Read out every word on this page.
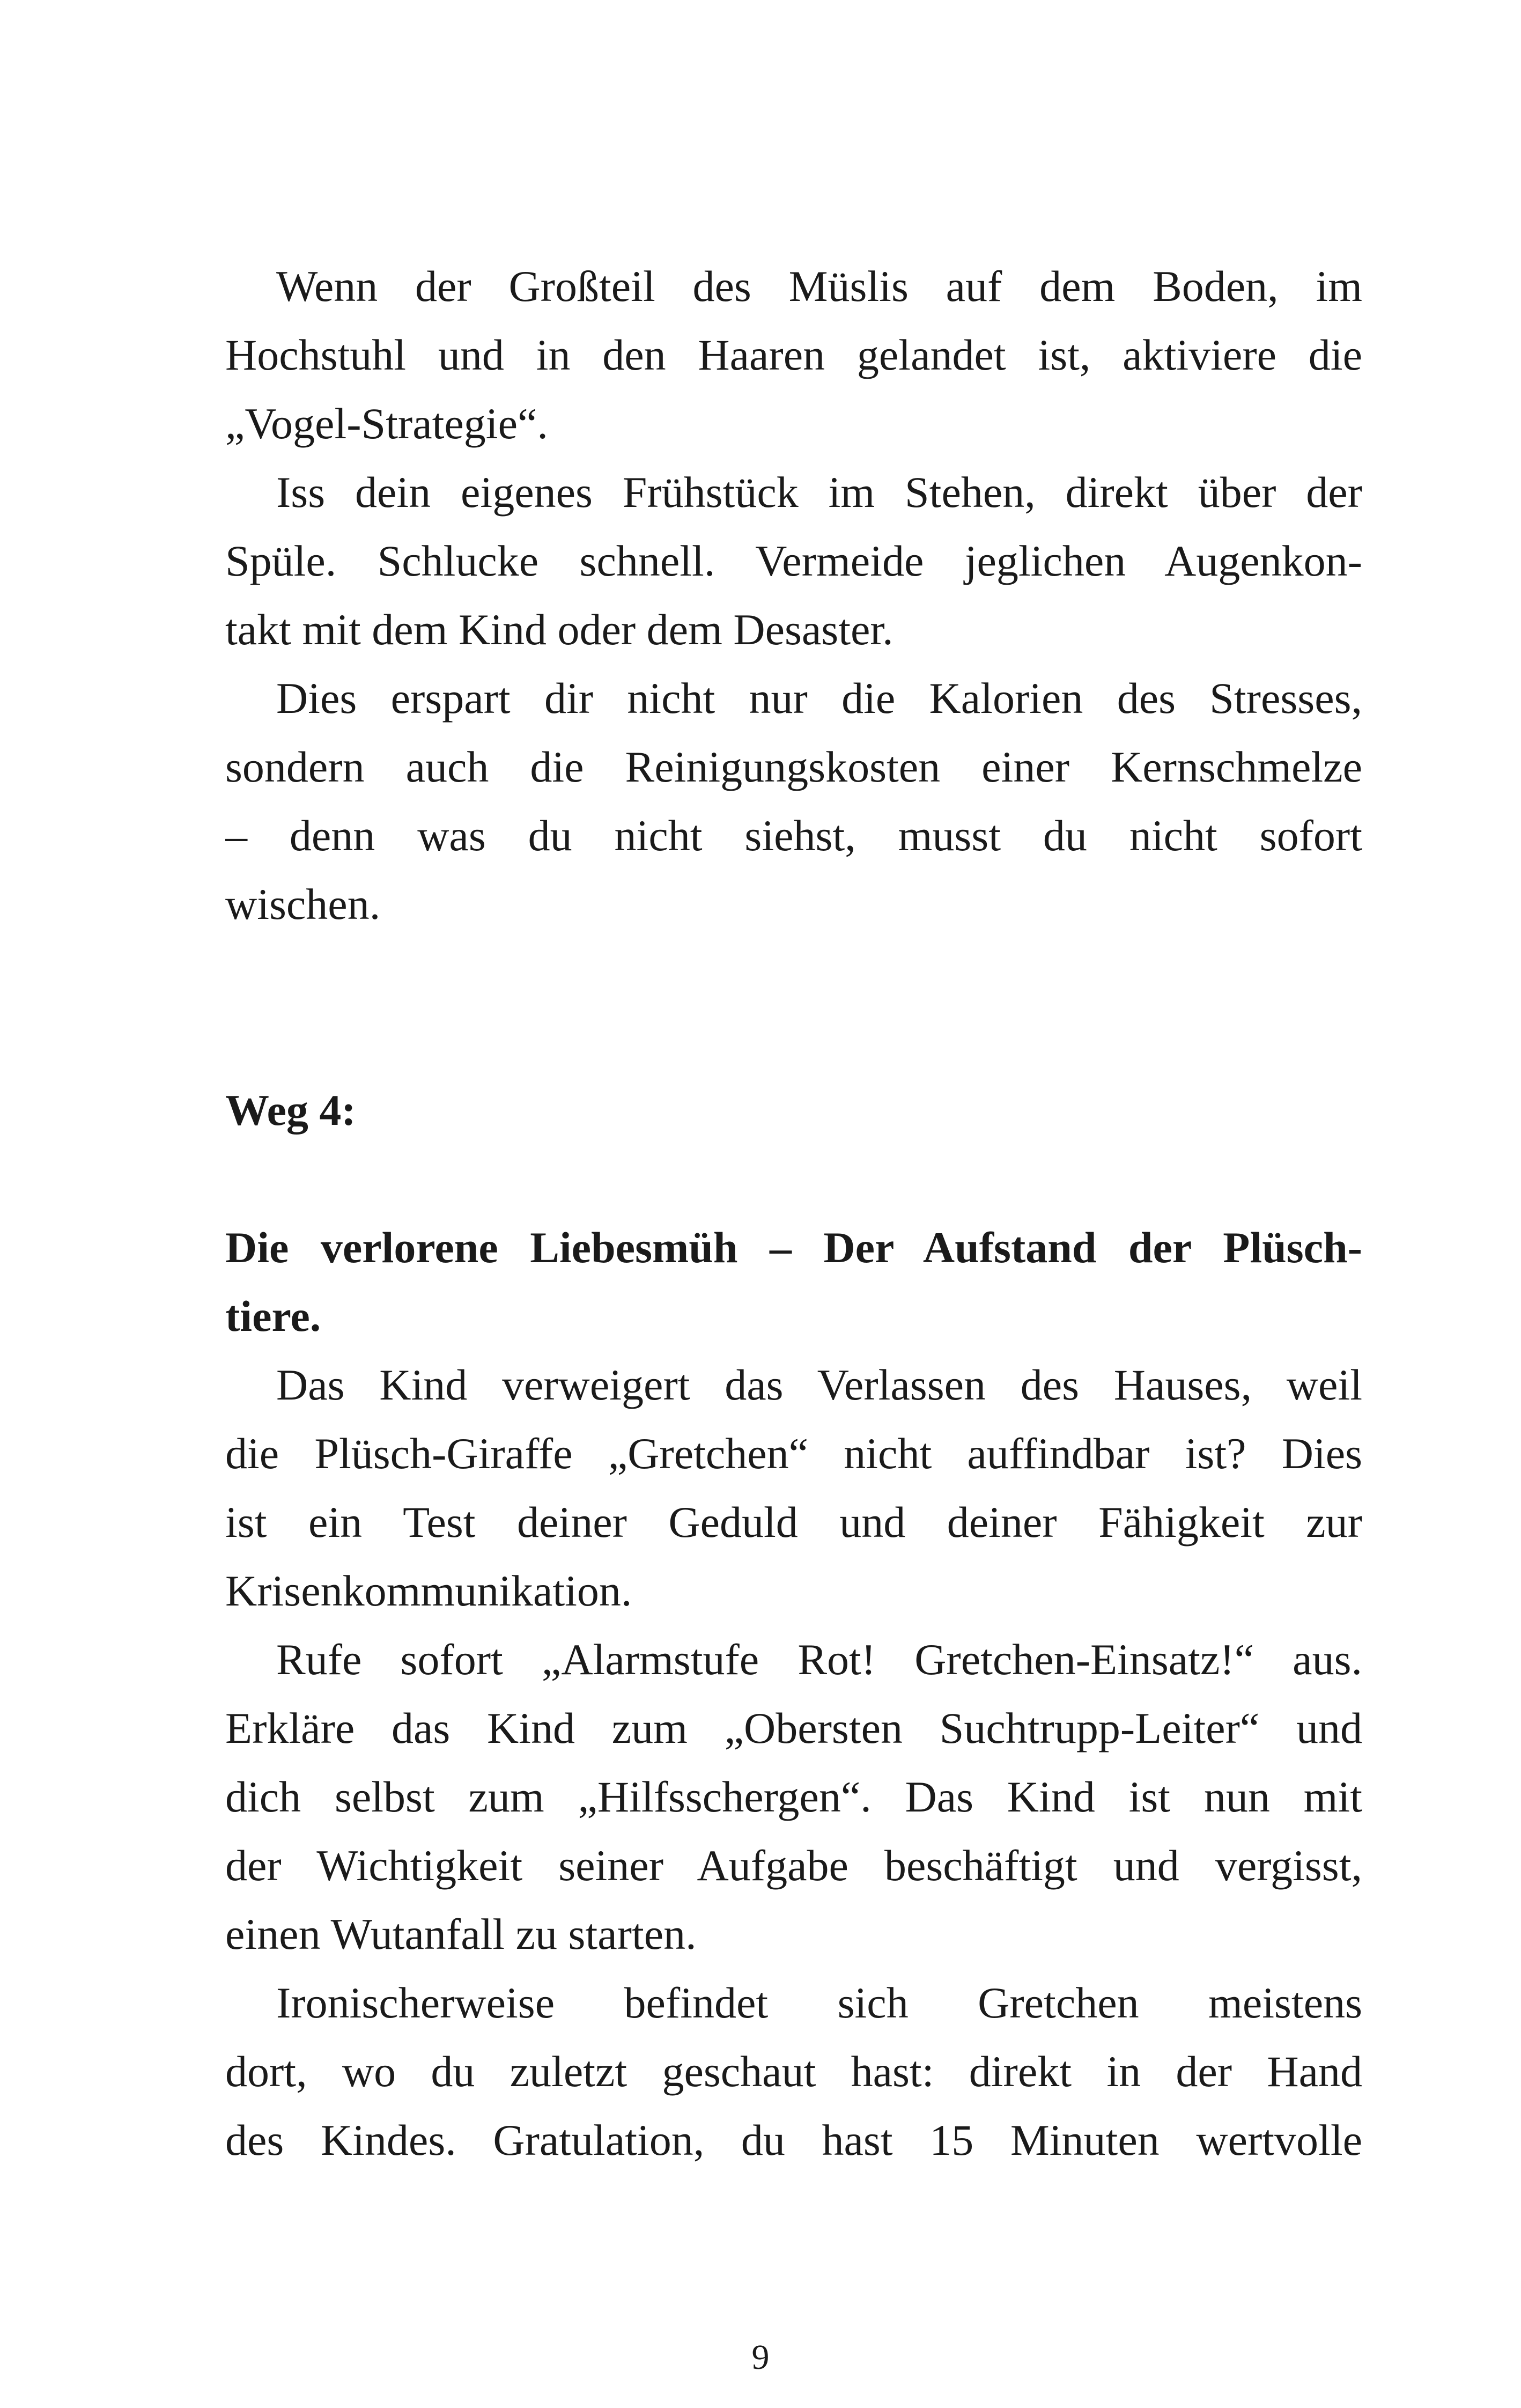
Wenn der Großteil des Müslis auf dem Boden, im
Hochstuhl und in den Haaren gelandet ist, aktiviere die
„Vogel-Strategie“.
Iss dein eigenes Frühstück im Stehen, direkt über der
Spüle. Schlucke schnell. Vermeide jeglichen Augenkon-
takt mit dem Kind oder dem Desaster.
Dies erspart dir nicht nur die Kalorien des Stresses,
sondern auch die Reinigungskosten einer Kernschmelze
– denn was du nicht siehst, musst du nicht sofort
wischen.
Weg 4:
Die verlorene Liebesmüh – Der Aufstand der Plüsch-
tiere.
Das Kind verweigert das Verlassen des Hauses, weil
die Plüsch-Giraffe „Gretchen“ nicht auffindbar ist? Dies
ist ein Test deiner Geduld und deiner Fähigkeit zur
Krisenkommunikation.
Rufe sofort „Alarmstufe Rot! Gretchen-Einsatz!“ aus.
Erkläre das Kind zum „Obersten Suchtrupp-Leiter“ und
dich selbst zum „Hilfsschergen“. Das Kind ist nun mit
der Wichtigkeit seiner Aufgabe beschäftigt und vergisst,
einen Wutanfall zu starten.
Ironischerweise befindet sich Gretchen meistens
dort, wo du zuletzt geschaut hast: direkt in der Hand
des Kindes. Gratulation, du hast 15 Minuten wertvolle
9
